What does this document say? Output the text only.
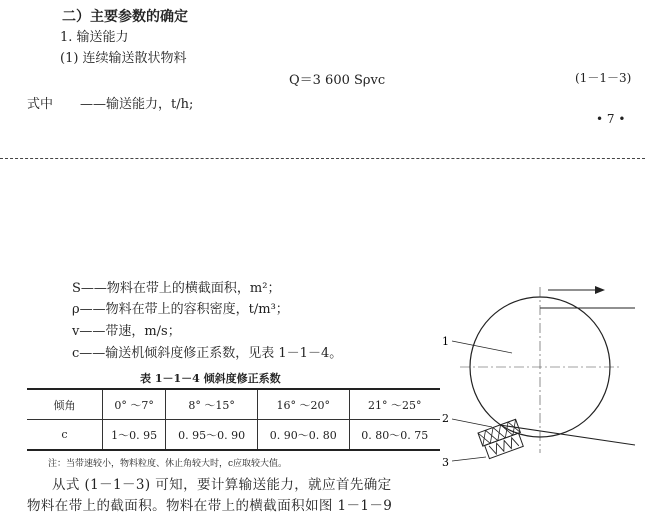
二）主要参数的确定
1. 输送能力
(1) 连续输送散状物料
Q＝3 600 Sρvc	(1－1－3)
式中 ——输送能力，t/h;
• 7 •
S——物料在带上的横截面积，m²；
ρ——物料在带上的容积密度，t/m³；
v——带速，m/s；
c——输送机倾斜度修正系数，见表 1－1－4。
表 1－1－4 倾斜度修正系数
倾角	0° ～7°	8° ～15°	16° ～20°	21° ～25°
c	1～0. 95	0. 95～0. 90	0. 90～0. 80	0. 80～0. 75
注：当带速较小，物料粒度、休止角较大时，c应取较大值。
从式 (1－1－3) 可知，要计算输送能力，就应首先确定
物料在带上的截面积。物料在带上的横截面积如图 1－1－9
1
2
3
